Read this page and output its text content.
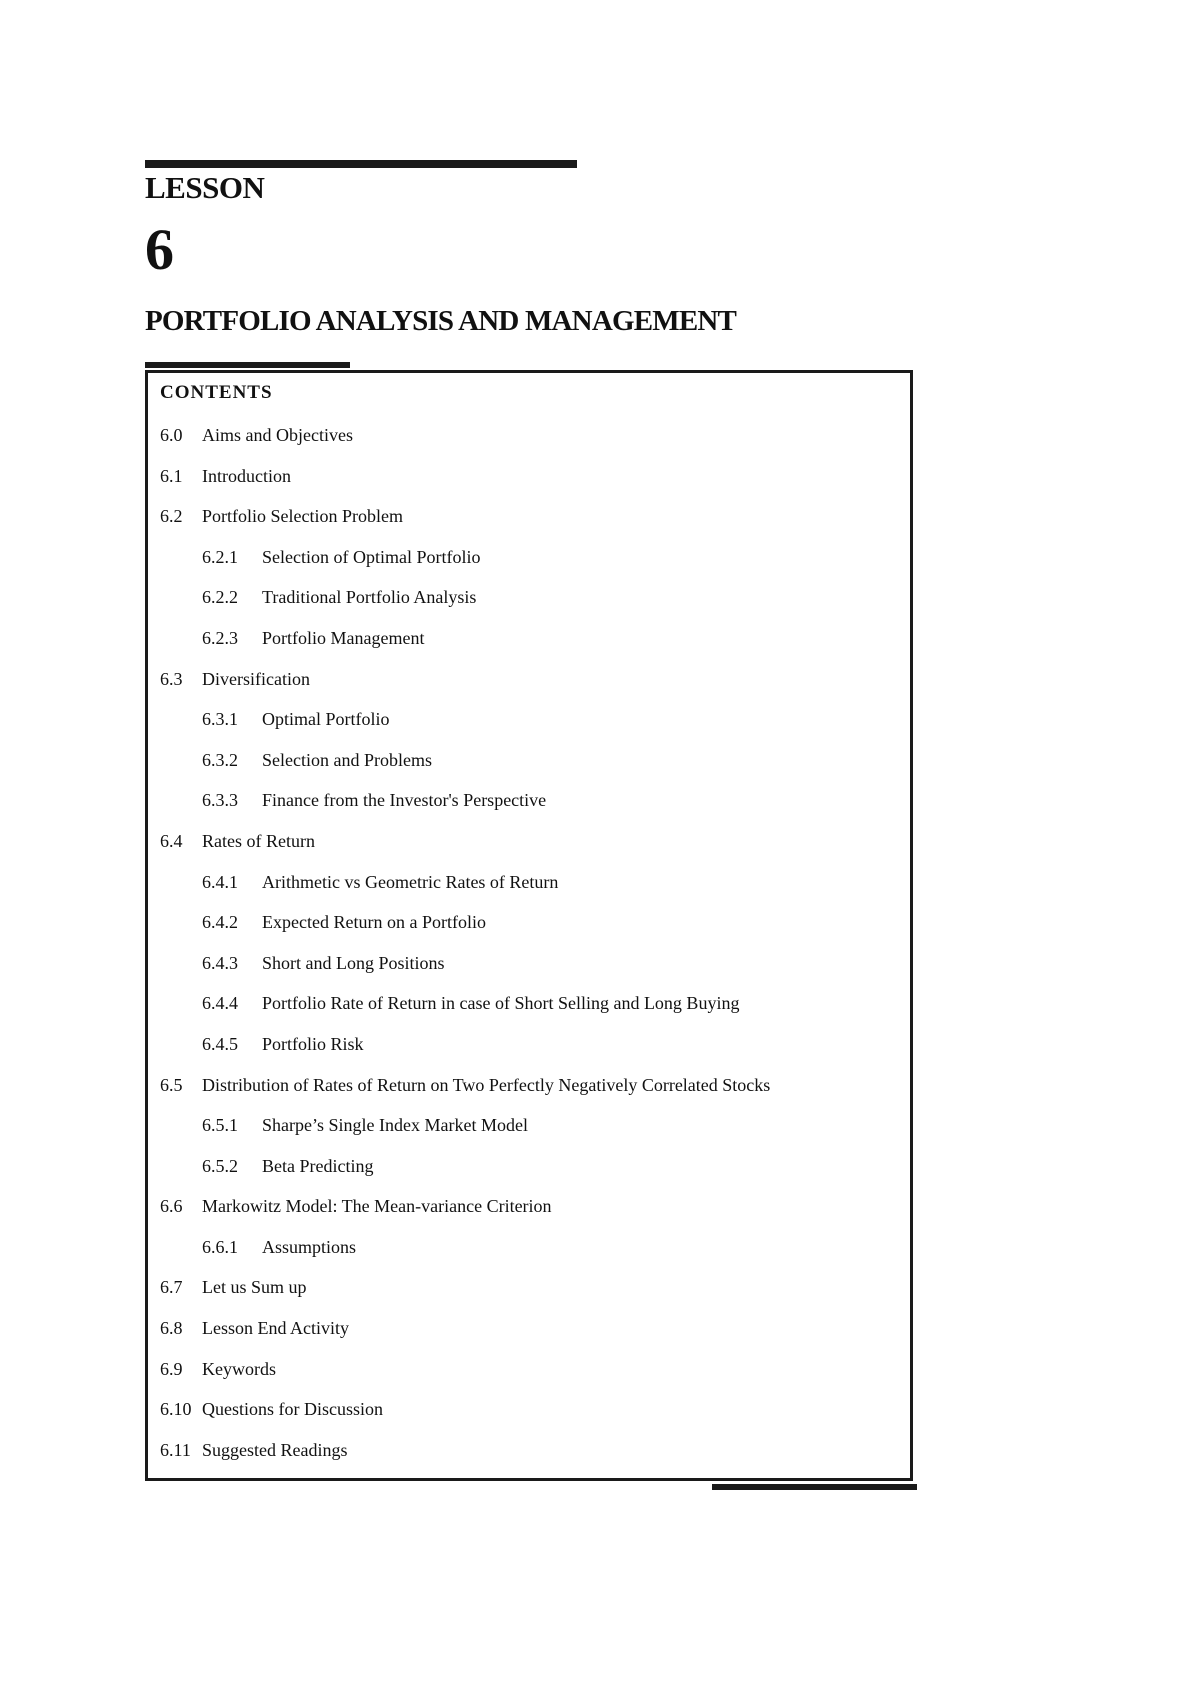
LESSON
6
PORTFOLIO ANALYSIS AND MANAGEMENT
CONTENTS
6.0	Aims and Objectives
6.1	Introduction
6.2	Portfolio Selection Problem
6.2.1	Selection of Optimal Portfolio
6.2.2	Traditional Portfolio Analysis
6.2.3	Portfolio Management
6.3	Diversification
6.3.1	Optimal Portfolio
6.3.2	Selection and Problems
6.3.3	Finance from the Investor's Perspective
6.4	Rates of Return
6.4.1	Arithmetic vs Geometric Rates of Return
6.4.2	Expected Return on a Portfolio
6.4.3	Short and Long Positions
6.4.4	Portfolio Rate of Return in case of Short Selling and Long Buying
6.4.5	Portfolio Risk
6.5	Distribution of Rates of Return on Two Perfectly Negatively Correlated Stocks
6.5.1	Sharpe’s Single Index Market Model
6.5.2	Beta Predicting
6.6	Markowitz Model: The Mean-variance Criterion
6.6.1	Assumptions
6.7	Let us Sum up
6.8	Lesson End Activity
6.9	Keywords
6.10 Questions for Discussion
6.11 Suggested Readings
